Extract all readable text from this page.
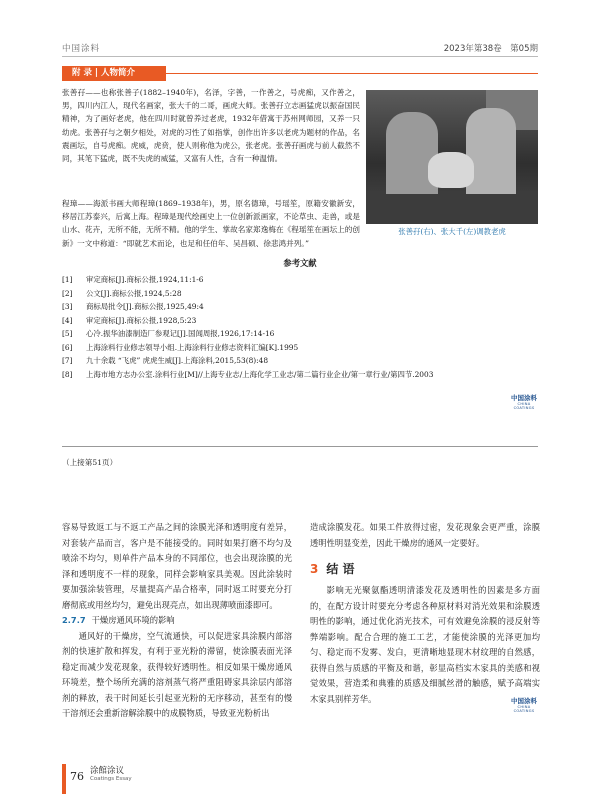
中国涂料	2023年第38卷　第05期
附 录 | 人物简介
张善孖——也称张善子(1882–1940年)，名泽，字善，一作善之，号虎痴，又作善之，男，四川内江人，现代名画家，张大千的二哥，画虎大师。张善孖立志画猛虎以振奋国民精神，为了画好老虎，他在四川时就曾养过老虎，1932年借寓于苏州网师园，又养一只幼虎。张善孖与之朝夕相处，对虎的习性了如指掌，创作出许多以老虎为题材的作品，名震画坛，自号虎痴。虎威，虎贲，使人则称他为虎公，张老虎。张善孖画虎与前人截然不同，其笔下猛虎，既不失虎的威猛，又富有人性，含有一种温情。
张善孖(右)、张大千(左)调教老虎
程璋——海派书画大师程璋(1869–1938年)，男，原名德璋，号瑶笙，原籍安徽新安，移居江苏泰兴，后寓上海。程璋是现代绘画史上一位创新派画家，不论草虫、走兽，或是山水、花卉，无所不能，无所不精。他的学生、掌故名家郑逸梅在《程瑶笙在画坛上的创新》一文中称道：“即就艺术而论，也足和任伯年、吴昌硕、徐悲鸿并列。”
参考文献
[1]	审定商标[J].商标公报,1924,11:1-6
[2]	公文[J].商标公报,1924,5:28
[3]	商标局批令[J].商标公报,1925,49:4
[4]	审定商标[J].商标公报,1928,5:23
[5]	心冷.振华油漆制造厂参观记[J].国闻周报,1926,17:14-16
[6]	上海涂料行业修志领导小组.上海涂料行业修志资料汇编[K].1995
[7]	九十余载 “飞虎” 虎虎生威[J].上海涂料,2015,53(8):48
[8]	上海市地方志办公室.涂料行业[M]//上海专业志/上海化学工业志/第二篇行业企业/第一章行业/第四节.2003
中国涂料
CHINA COATINGS
（上接第51页）

容易导致返工与不返工产品之间的涂膜光泽和透明度有差异，对套装产品而言，客户是不能接受的。同时如果打磨不均匀及喷涂不均匀，则单件产品本身的不同部位，也会出现涂膜的光泽和透明度不一样的现象，同样会影响家具美观。因此涂装时要加强涂装管理，尽量提高产品合格率，同时返工时要充分打磨彻底或用丝均匀，避免出现亮点，如出现薄喷面漆即可。

2.7.7 干燥房通风环境的影响

通风好的干燥房，空气流通快，可以促进家具涂膜内部溶剂的快速扩散和挥发，有利于亚光粉的滞留，使涂膜表面光泽稳定而减少发花现象，获得较好透明性。相反如果干燥房通风环境差，整个场所充满的溶剂蒸气将严重阻碍家具涂层内部溶剂的释放，表干时间延长引起亚光粉的无序移动，甚至有的慢干溶剂还会重新溶解涂膜中的成膜物质，导致亚光粉析出

造成涂膜发花。如果工件放得过密，发花现象会更严重，涂膜透明性明显变差，因此干燥房的通风一定要好。

3 结 语

影响无光聚氨酯透明清漆发花及透明性的因素是多方面的，在配方设计时要充分考虑各种原材料对消光效果和涂膜透明性的影响，通过优化消光技术，可有效避免涂膜的浸反射等弊端影响。配合合理的施工工艺，才能使涂膜的光泽更加均匀、稳定而不发雾、发白，更清晰地显现木材纹理的自然感，获得自然与质感的平衡及和谐，彰显高档实木家具的美感和视觉效果，营造柔和典雅的质感及细腻丝滑的触感，赋予高端实木家具别样芳华。	中国涂料
CHINA COATINGS
76 涂館涂议
Coatings Essay
